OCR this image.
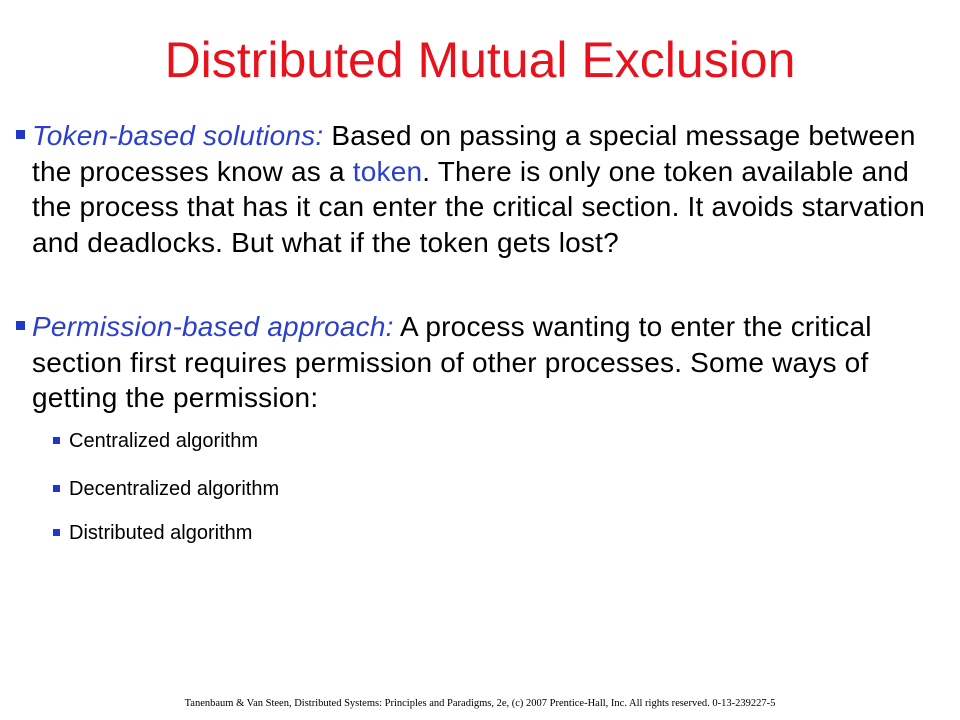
Distributed Mutual Exclusion
Token-based solutions: Based on passing a special message between the processes know as a token. There is only one token available and the process that has it can enter the critical section. It avoids starvation and deadlocks. But what if the token gets lost?
Permission-based approach: A process wanting to enter the critical section first requires permission of other processes. Some ways of getting the permission:
Centralized algorithm
Decentralized algorithm
Distributed algorithm
Tanenbaum & Van Steen, Distributed Systems: Principles and Paradigms, 2e, (c) 2007 Prentice-Hall, Inc. All rights reserved. 0-13-239227-5
